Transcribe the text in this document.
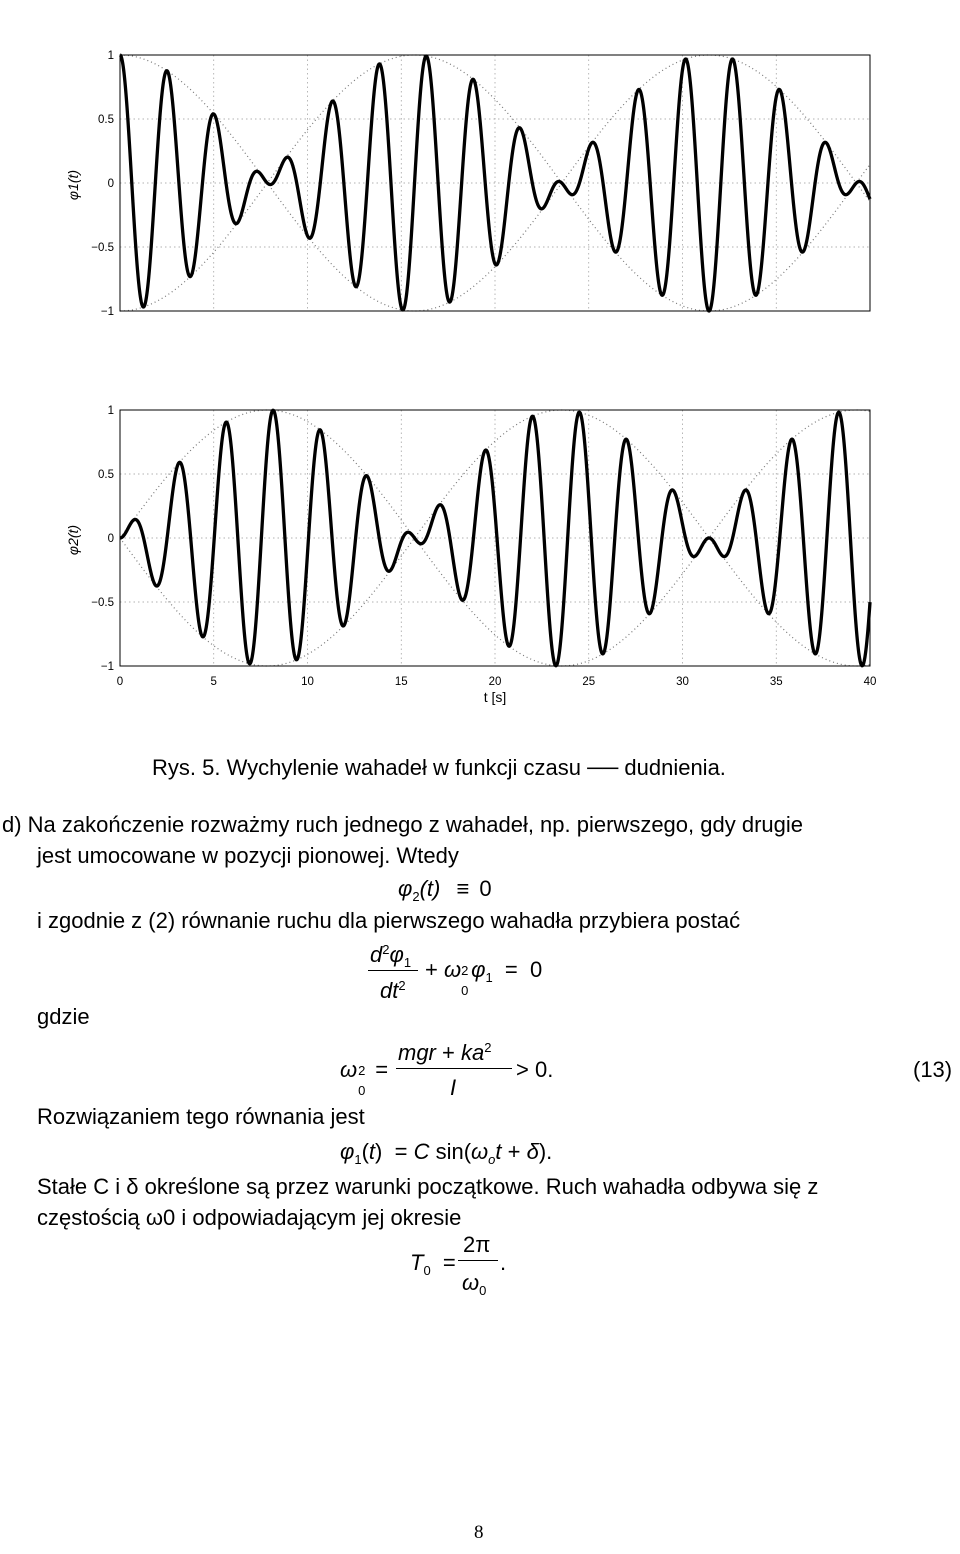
1
0.5
0
−0.5
−1
φ1(t)
1
0.5
0
−0.5
−1
0	5	10	15	20	25	30	35	40
t [s]
φ2(t)
Rys. 5. Wychylenie wahadeł w funkcji czasu ── dudnienia.
d) Na zakończenie rozważmy ruch jednego z wahadeł, np. pierwszego, gdy drugie
jest umocowane w pozycji pionowej. Wtedy
$\varphi_2(t) \equiv 0$
i zgodnie z (2) równanie ruchu dla pierwszego wahadła przybiera postać
$d^2\varphi_1$
$dt^2$
+ ω 2
0
$\varphi_1 = 0$
gdzie
ω 2
0
=
mgr + $ka^2$
I
> 0.	(13)
Rozwiązaniem tego równania jest
$\varphi_1(t) = C$ $\sin(\omega_ot + \delta)$.
Stałe C i δ określone są przez warunki początkowe. Ruch wahadła odbywa się z
częstością ω0 i odpowiadającym jej okresie
$T_0$  =
2π
$\omega_0$
.
8
